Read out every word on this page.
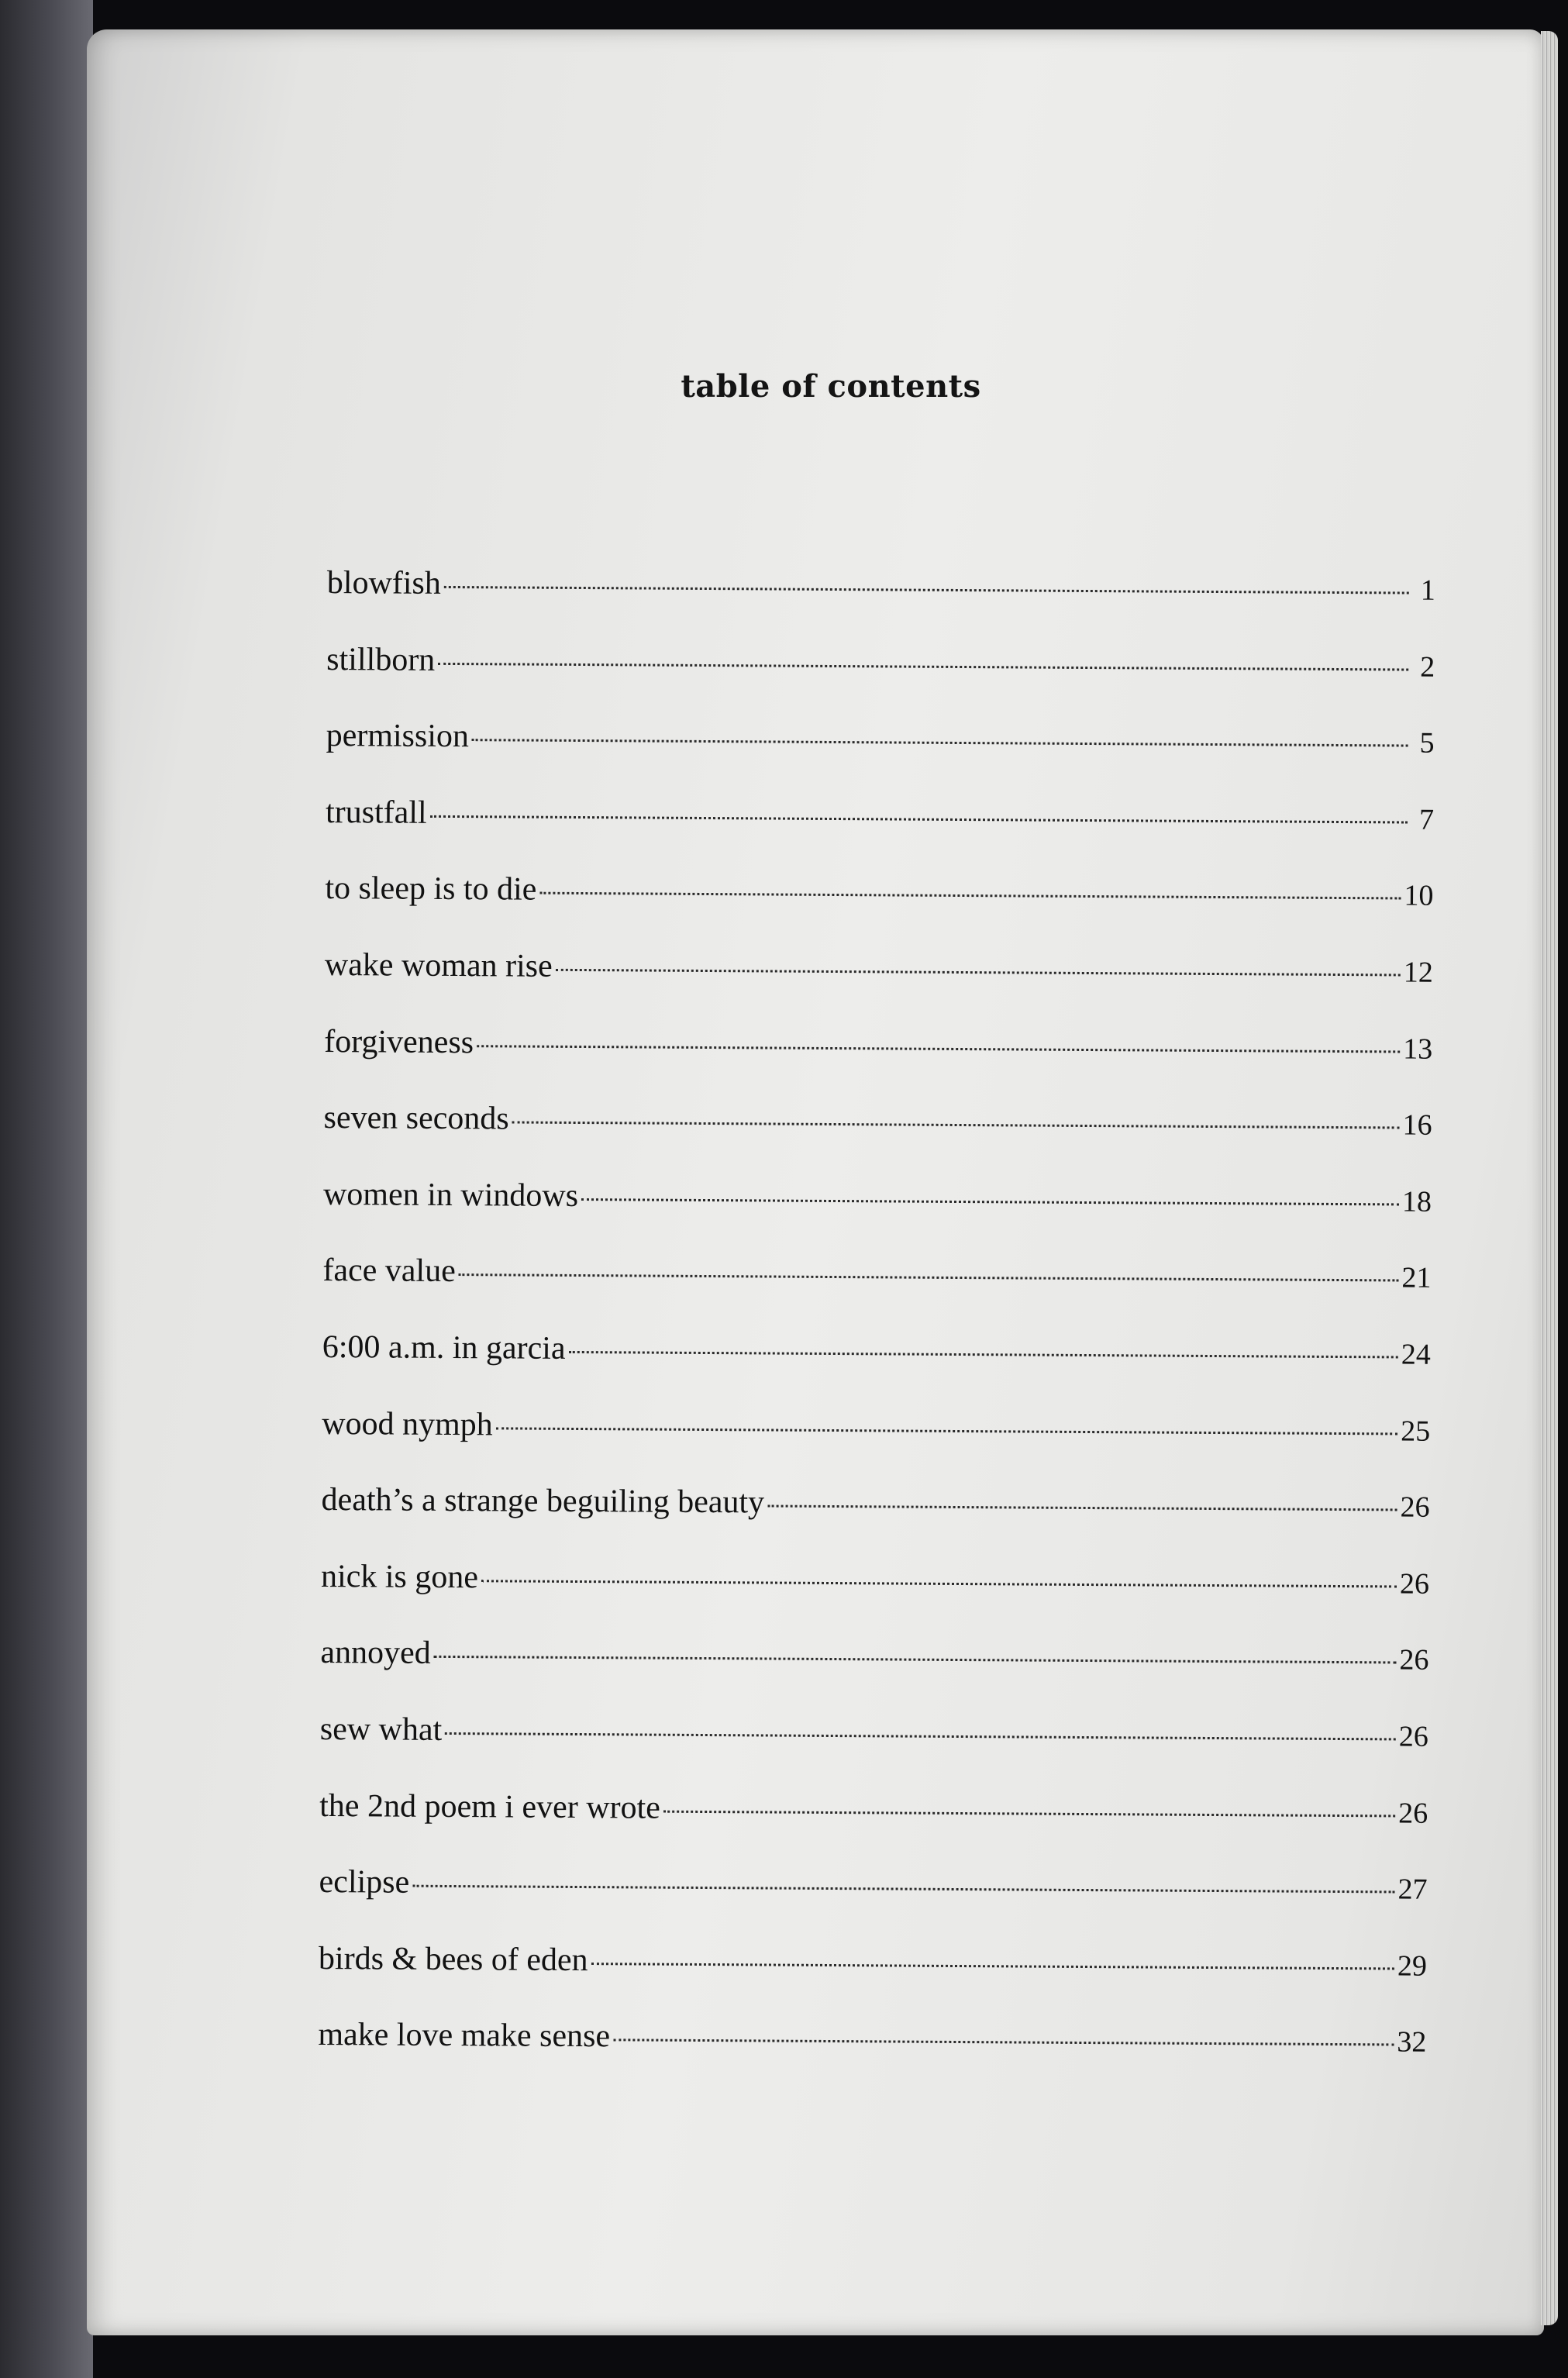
table of contents
blowfish	1
stillborn	2
permission	5
trustfall	7
to sleep is to die	10
wake woman rise	12
forgiveness	13
seven seconds	16
women in windows	18
face value	21
6:00 a.m. in garcia	24
wood nymph	25
death’s a strange beguiling beauty	26
nick is gone	26
annoyed	26
sew what	26
the 2nd poem i ever wrote	26
eclipse	27
birds & bees of eden	29
make love make sense	32
